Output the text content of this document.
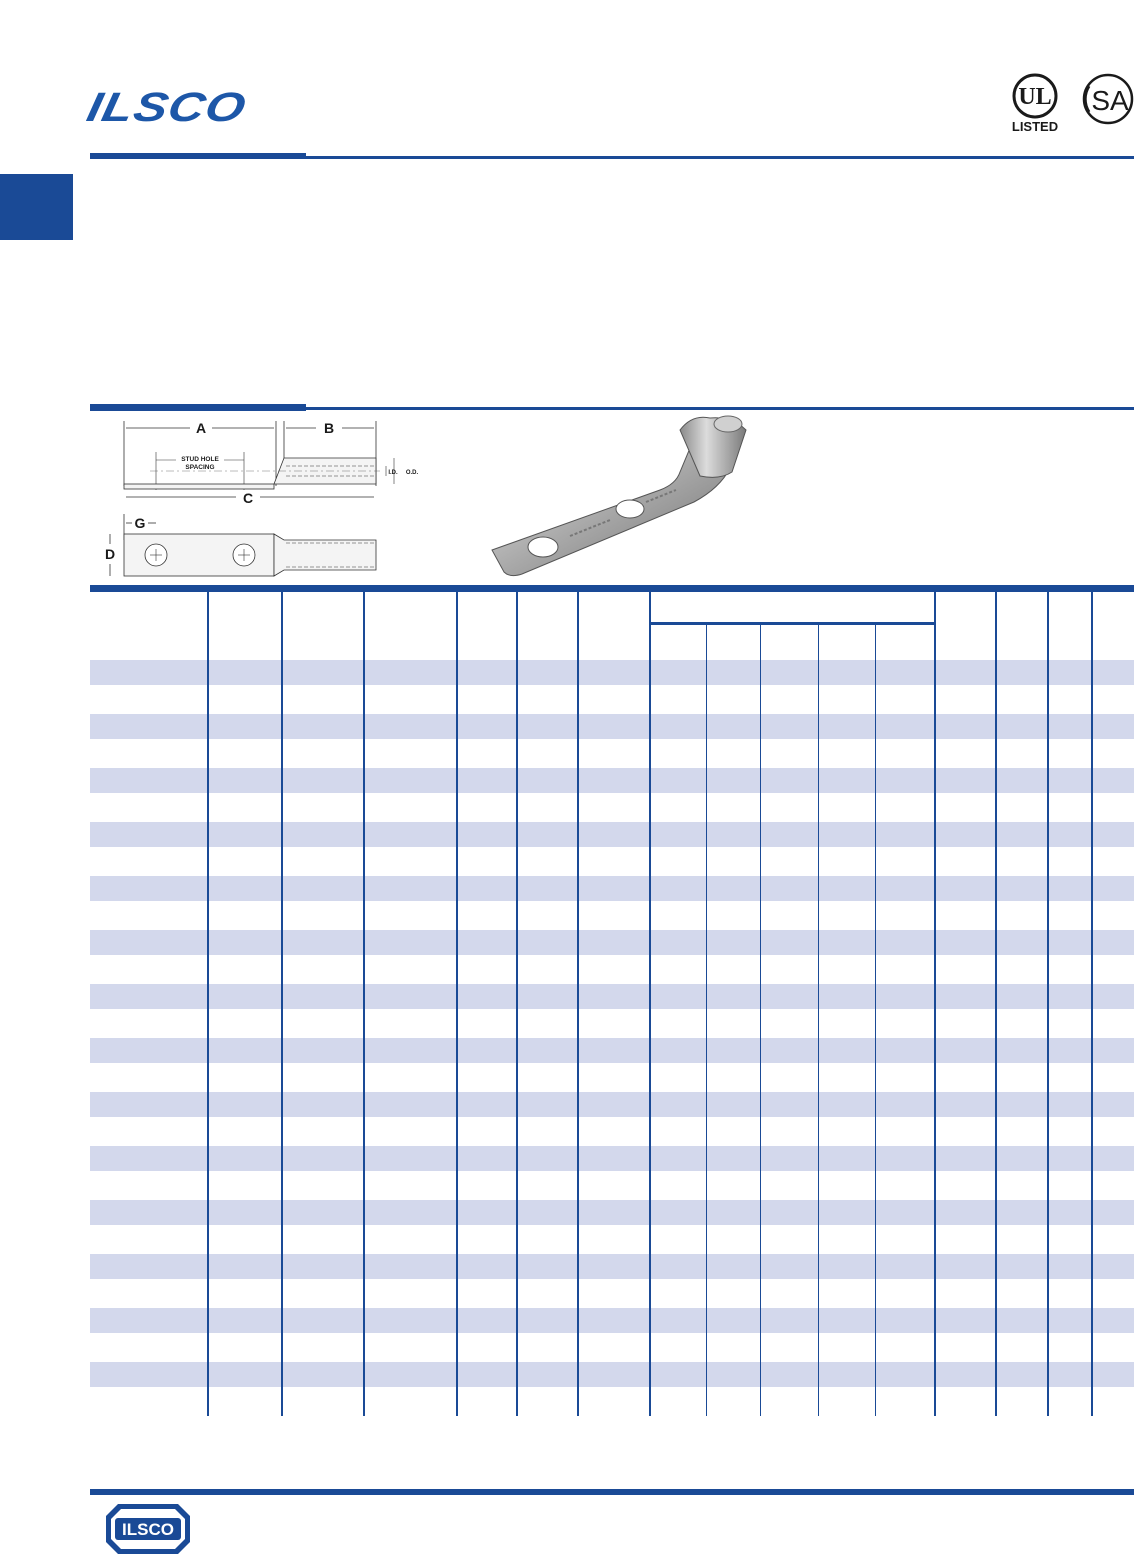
ILSCO	UL
LISTED
SA
A	B
STUD HOLE
SPACING
I.D. O.D.
C
G
D
ILSCO
